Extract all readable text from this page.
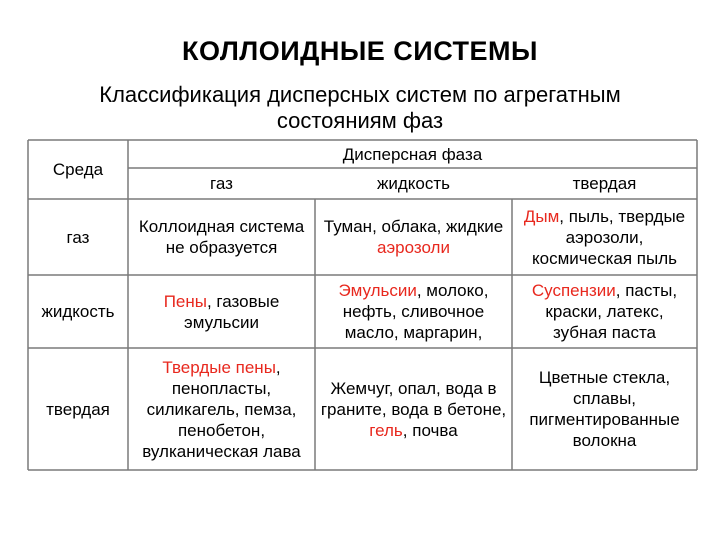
КОЛЛОИДНЫЕ СИСТЕМЫ
Классификация дисперсных систем по агрегатным состояниям фаз
Среда
Дисперсная фаза
газ	жидкость	твердая
газ
жидкость
твердая
Коллоидная система не образуется
Туман, облака, жидкие аэрозоли
Дым, пыль, твердые аэрозоли, космическая пыль
Пены, газовые эмульсии
Эмульсии, молоко, нефть, сливочное масло, маргарин,
Суспензии, пасты, краски, латекс, зубная паста
Твердые пены, пенопласты, силикагель, пемза, пенобетон, вулканическая лава
Жемчуг, опал, вода в граните, вода в бетоне, гель, почва
Цветные стекла, сплавы, пигментированные волокна
